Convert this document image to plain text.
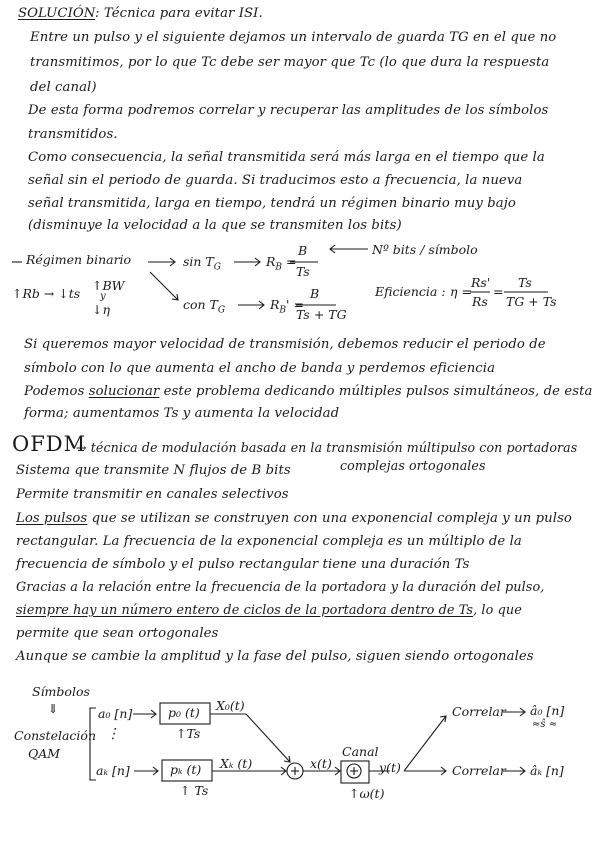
SOLUCIÓN: Técnica para evitar ISI.
Entre un pulso y el siguiente dejamos un intervalo de guarda TG en el que no
transmitimos, por lo que Tc debe ser mayor que Tc (lo que dura la respuesta
del canal)
De esta forma podremos correlar y recuperar las amplitudes de los símbolos
transmitidos.
Como consecuencia, la señal transmitida será más larga en el tiempo que la
señal sin el periodo de guarda. Si traducimos esto a frecuencia, la nueva
señal transmitida, larga en tiempo, tendrá un régimen binario muy bajo
(disminuye la velocidad a la que se transmiten los bits)
Régimen binario	$\sin T_G$	$R_B$ =
B
Ts
Nº bits / símbolo
↑Rb → ↓ts
↑BW
y
↓η	con $T_G$	$R_B'$ =
B
Ts + TG
Eficiencia : η =
Rs'
Rs
=
Ts
TG + Ts
Si queremos mayor velocidad de transmisión, debemos reducir el periodo de
símbolo con lo que aumenta el ancho de banda y perdemos eficiencia
Podemos solucionar este problema dedicando múltiples pulsos simultáneos, de esta
forma; aumentamos Ts y aumenta la velocidad
OFDM
→ técnica de modulación basada en la transmisión múltipulso con portadoras
complejas ortogonales
Sistema que transmite N flujos de B bits
Permite transmitir en canales selectivos
Los pulsos que se utilizan se construyen con una exponencial compleja y un pulso
rectangular. La frecuencia de la exponencial compleja es un múltiplo de la
frecuencia de símbolo y el pulso rectangular tiene una duración Ts
Gracias a la relación entre la frecuencia de la portadora y la duración del pulso,
siempre hay un número entero de ciclos de la portadora dentro de Ts, lo que
permite que sean ortogonales
Aunque se cambie la amplitud y la fase del pulso, siguen siendo ortogonales
Símbolos
⇓
Constelación
QAM
a₀ [n]
⋮
aₖ [n]
p₀ (t)
↑Ts
pₖ (t)
↑ Ts
X₀(t)
Xₖ (t)	x(t)
Canal
y(t)
↑ω(t)
Correlar
Correlar
â₀ [n]
≈ŝ ≈
âₖ [n]
